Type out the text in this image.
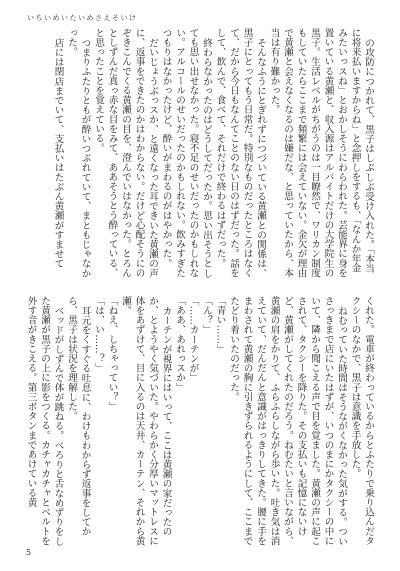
いちいめいたいめさえそいけ

の攻防につかれて、黒子はしぶしぶ受け入れた。「本当に将来払いますからね」と念押しをするも、「なんか年金みたいっスね」とおかしそうにわらわれた。芸能界に身を置いている黄瀬と、収入源はアルバイトだけの大学院生の黒子。生活レベルがちがうのは一目瞭然で、ワリカン制度もしていたらここまで頻繁には会えていない。金欠が理由で黄瀬と会えなくなるのは嫌だな、と思っていたから、本当は有り難かった。

そんなふうにとぎれずにつづいている黄瀬との関係は、黒子にとってもう日常だ。特別なものだったところはなくて、だから今日もなんてことのない日のはずだった。話をして、飲んで、食べて、それだけで終わるはずだった。

終わらなかったのはどうしてだったか。思い出そうとしても思い出せなかった。寝不足のせいだったのかもしれない。アルコールのせいだったのかもしれない。飲みすぎたつもりはなかったけど、酔いがまわるのがはやかった。

だいじょうぶっスか、と遠くなった耳できいた黄瀬の声に、返事をできたのかはわからない。だけど心配そうにのぞきこんでくる黄瀬の目を、澄んでいはなかった。とろんとしずんだ真っ赤な目をみて、ああそうとう酔っている、と思ったことを覚えている。

つまりふたりともが酔いつぶれていて、まともじゃなかった。

店には閉店までいて、支払いはたぶん黄瀬がすませて

くれた。電車が終わっているからとふたりで乗り込んだタクシーのなかで、黒子は意識を手放した。

ねむっていた時間はそうながくなかった気がする。ついさっきまで店にいたはずが、いつのまにかタクシーの中にいて、隣から聞こえる声で目を覚ました。黄瀬の声に起こされて、タクシーを降りた。その支払いも記憶にないけど、黄瀬がしてくれたのだろう。ねむたいと言いながら、黄瀬の肩をかりて、ふらふらしながら歩いた。吐き気は消えていて、だんだんと意識がはっきりしてきた。腰に手をまわされて黄瀬の胸に引きずられるようにして、ここまでたどり着いたのだった。

「青い……」

「ん？」

「……カーテンが」

「ああ、あれっスか」

カーテンが視界にはいって、ここは黄瀬の家だったのか、とようやく気づいた。やわらかく分厚いマットレスに体をあずけて、目に入るのは天井、カーテン、それから黄瀬。

「ねえ、しちゃってい？」

「は、い……？」

耳元をくすぐる吐息に、わけもわからず返事をしてから、黒子は状況を理解した。

ベッドがしずんで体が跳ねる。べろりと舌なめずりをした黄瀬が黒子の上に影をつくる。カチャカチャとベルトを外す音がきこえる。第三ボタンまであけている黄

5
